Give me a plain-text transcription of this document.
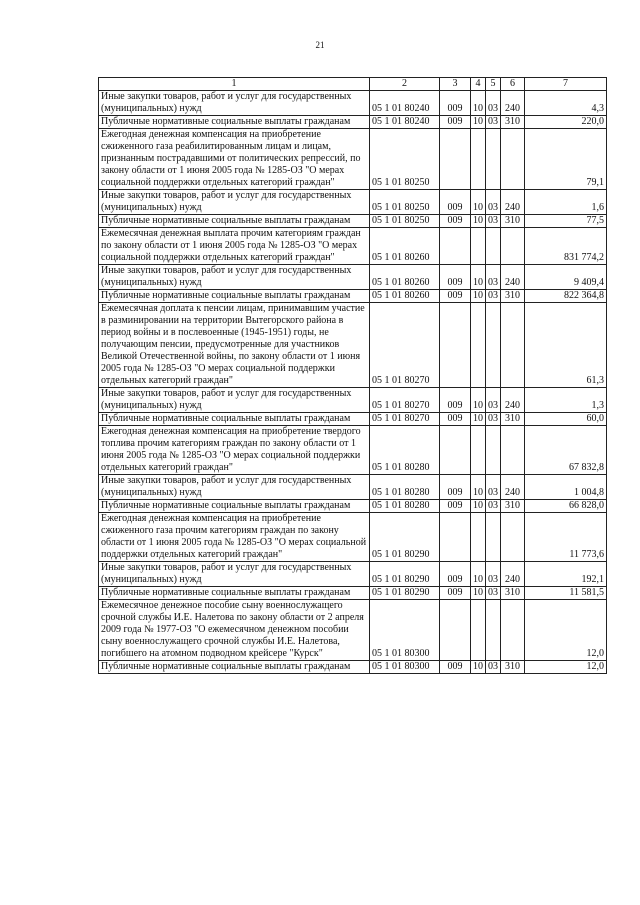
21
1	2	3	4	5	6	7
Иные закупки товаров, работ и услуг для государственных (муниципальных) нужд	05 1 01 80240	009	10	03	240	4,3
Публичные нормативные социальные выплаты гражданам	05 1 01 80240	009	10	03	310	220,0
Ежегодная денежная компенсация на приобретение сжиженного газа реабилитированным лицам и лицам, признанным пострадавшими от политических репрессий, по закону области от 1 июня 2005 года № 1285-ОЗ "О мерах социальной поддержки отдельных категорий граждан"	05 1 01 80250					79,1
Иные закупки товаров, работ и услуг для государственных (муниципальных) нужд	05 1 01 80250	009	10	03	240	1,6
Публичные нормативные социальные выплаты гражданам	05 1 01 80250	009	10	03	310	77,5
Ежемесячная денежная выплата прочим категориям граждан по закону области от 1 июня 2005 года № 1285-ОЗ "О мерах социальной поддержки отдельных категорий граждан"	05 1 01 80260					831 774,2
Иные закупки товаров, работ и услуг для государственных (муниципальных) нужд	05 1 01 80260	009	10	03	240	9 409,4
Публичные нормативные социальные выплаты гражданам	05 1 01 80260	009	10	03	310	822 364,8
Ежемесячная доплата к пенсии лицам, принимавшим участие в разминировании на территории Вытегорского района в период войны и в послевоенные (1945-1951) годы, не получающим пенсии, предусмотренные для участников Великой Отечественной войны, по закону области от 1 июня 2005 года № 1285-ОЗ "О мерах социальной поддержки отдельных категорий граждан"	05 1 01 80270					61,3
Иные закупки товаров, работ и услуг для государственных (муниципальных) нужд	05 1 01 80270	009	10	03	240	1,3
Публичные нормативные социальные выплаты гражданам	05 1 01 80270	009	10	03	310	60,0
Ежегодная денежная компенсация на приобретение твердого топлива прочим категориям граждан по закону области от 1 июня 2005 года № 1285-ОЗ "О мерах социальной поддержки отдельных категорий граждан"	05 1 01 80280					67 832,8
Иные закупки товаров, работ и услуг для государственных (муниципальных) нужд	05 1 01 80280	009	10	03	240	1 004,8
Публичные нормативные социальные выплаты гражданам	05 1 01 80280	009	10	03	310	66 828,0
Ежегодная денежная компенсация на приобретение сжиженного газа прочим категориям граждан по закону области от 1 июня 2005 года № 1285-ОЗ "О мерах социальной поддержки отдельных категорий граждан"	05 1 01 80290					11 773,6
Иные закупки товаров, работ и услуг для государственных (муниципальных) нужд	05 1 01 80290	009	10	03	240	192,1
Публичные нормативные социальные выплаты гражданам	05 1 01 80290	009	10	03	310	11 581,5
Ежемесячное денежное пособие сыну военнослужащего срочной службы И.Е. Налетова по закону области от 2 апреля 2009 года № 1977-ОЗ "О ежемесячном денежном пособии сыну военнослужащего срочной службы И.Е. Налетова, погибшего на атомном подводном крейсере "Курск"	05 1 01 80300					12,0
Публичные нормативные социальные выплаты гражданам	05 1 01 80300	009	10	03	310	12,0
